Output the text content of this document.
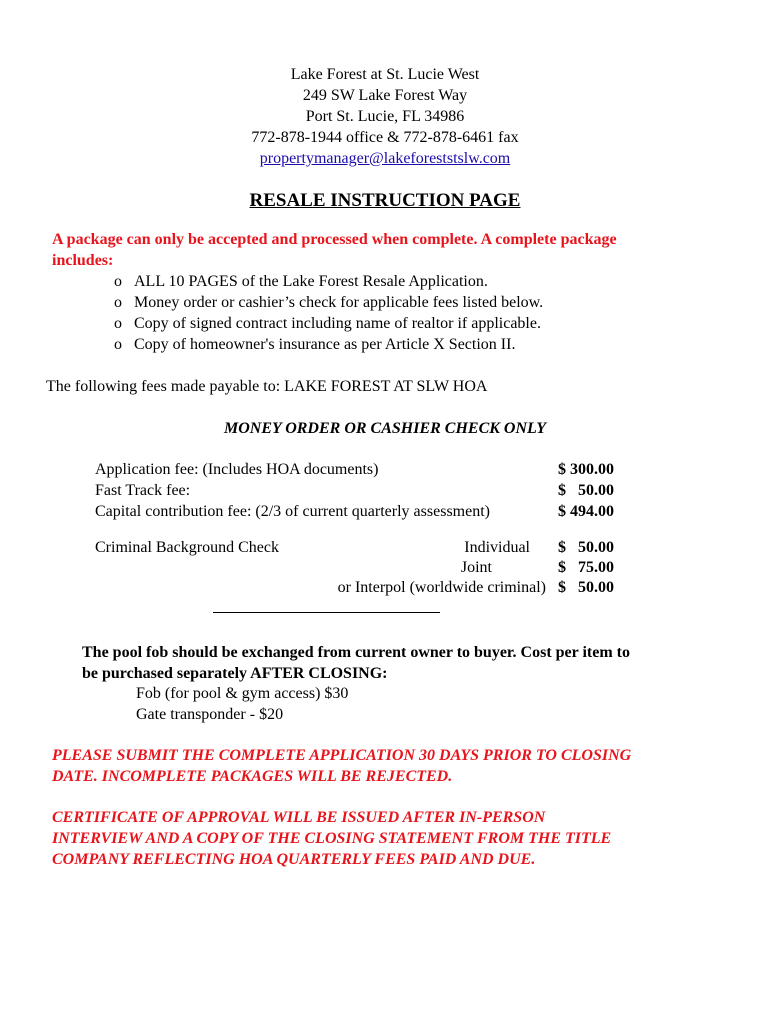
Lake Forest at St. Lucie West
249 SW Lake Forest Way
Port St. Lucie, FL 34986
772-878-1944 office & 772-878-6461 fax
propertymanager@lakeforeststslw.com
RESALE INSTRUCTION PAGE
A package can only be accepted and processed when complete. A complete package
includes:
o ALL 10 PAGES of the Lake Forest Resale Application.
o Money order or cashier’s check for applicable fees listed below.
o Copy of signed contract including name of realtor if applicable.
o Copy of homeowner's insurance as per Article X Section II.
The following fees made payable to: LAKE FOREST AT SLW HOA
MONEY ORDER OR CASHIER CHECK ONLY
Application fee: (Includes HOA documents)	$ 300.00
Fast Track fee:	$   50.00
Capital contribution fee: (2/3 of current quarterly assessment)	$ 494.00
Criminal Background Check	Individual	$   50.00
Joint	$   75.00
or Interpol (worldwide criminal) $   50.00
The pool fob should be exchanged from current owner to buyer. Cost per item to
be purchased separately AFTER CLOSING:
Fob (for pool & gym access) $30
Gate transponder - $20
PLEASE SUBMIT THE COMPLETE APPLICATION 30 DAYS PRIOR TO CLOSING
DATE. INCOMPLETE PACKAGES WILL BE REJECTED.
CERTIFICATE OF APPROVAL WILL BE ISSUED AFTER IN-PERSON
INTERVIEW AND A COPY OF THE CLOSING STATEMENT FROM THE TITLE
COMPANY REFLECTING HOA QUARTERLY FEES PAID AND DUE.
